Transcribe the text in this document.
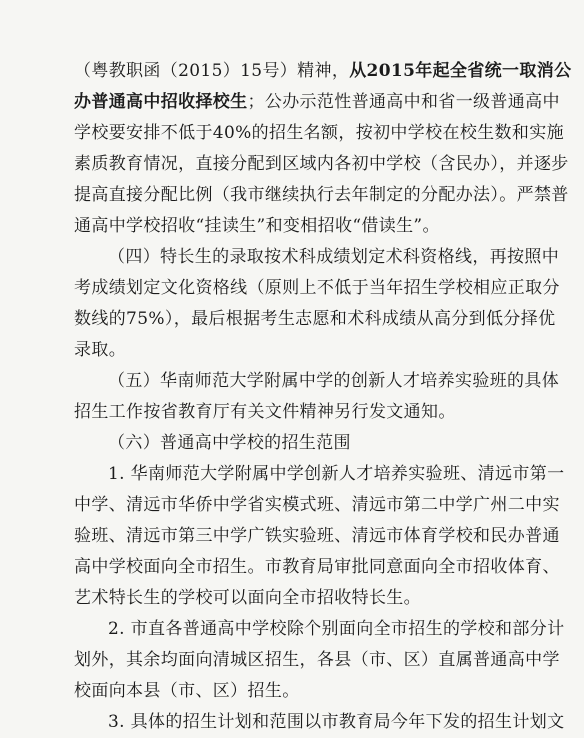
（粤教职函（2015）15号）精神，从2015年起全省统一取消公
办普通高中招收择校生；公办示范性普通高中和省一级普通高中
学校要安排不低于40%的招生名额，按初中学校在校生数和实施
素质教育情况，直接分配到区域内各初中学校（含民办），并逐步
提高直接分配比例（我市继续执行去年制定的分配办法）。严禁普
通高中学校招收“挂读生”和变相招收“借读生”。
（四）特长生的录取按术科成绩划定术科资格线，再按照中
考成绩划定文化资格线（原则上不低于当年招生学校相应正取分
数线的75%），最后根据考生志愿和术科成绩从高分到低分择优
录取。
（五）华南师范大学附属中学的创新人才培养实验班的具体
招生工作按省教育厅有关文件精神另行发文通知。
（六）普通高中学校的招生范围
1. 华南师范大学附属中学创新人才培养实验班、清远市第一
中学、清远市华侨中学省实模式班、清远市第二中学广州二中实
验班、清远市第三中学广铁实验班、清远市体育学校和民办普通
高中学校面向全市招生。市教育局审批同意面向全市招收体育、
艺术特长生的学校可以面向全市招收特长生。
2. 市直各普通高中学校除个别面向全市招生的学校和部分计
划外，其余均面向清城区招生，各县（市、区）直属普通高中学
校面向本县（市、区）招生。
3. 具体的招生计划和范围以市教育局今年下发的招生计划文
